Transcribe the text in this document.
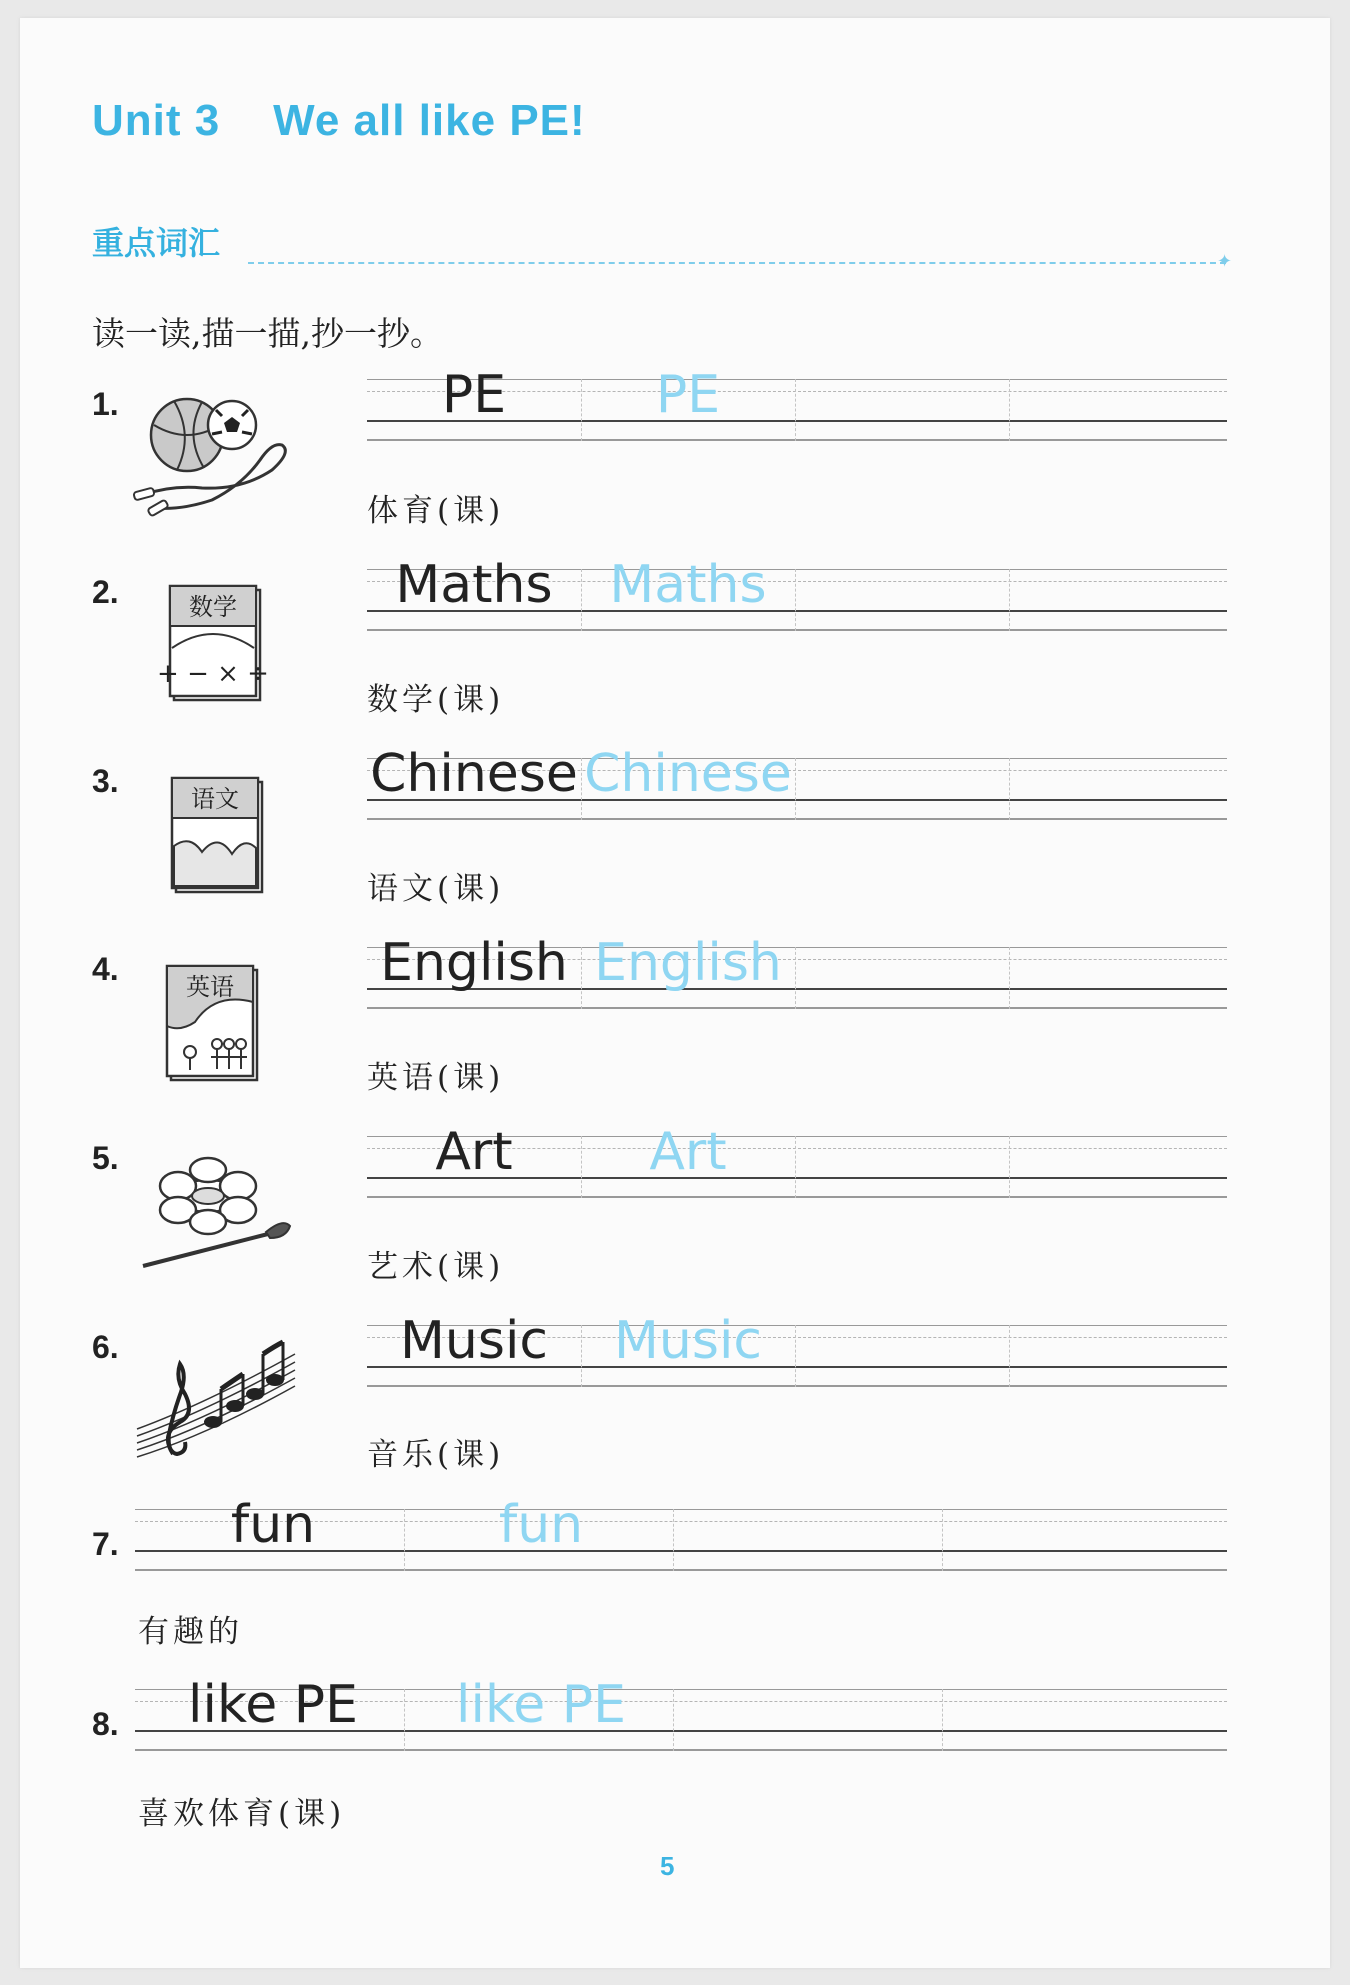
Unit 3    We all like PE!
重点词汇	✦
读一读,描一描,抄一抄。
1.	PE	PE
体育(课)
2.	数学
+ − × ÷
Maths Maths
数学(课)
3.	语文	Chinese Chinese
语文(课)
4.	英语	English English
英语(课)
5.	Art	Art
艺术(课)
6.	Music Music
音乐(课)
7. fun	fun
有趣的
8. like PE like PE
喜欢体育(课)
5
